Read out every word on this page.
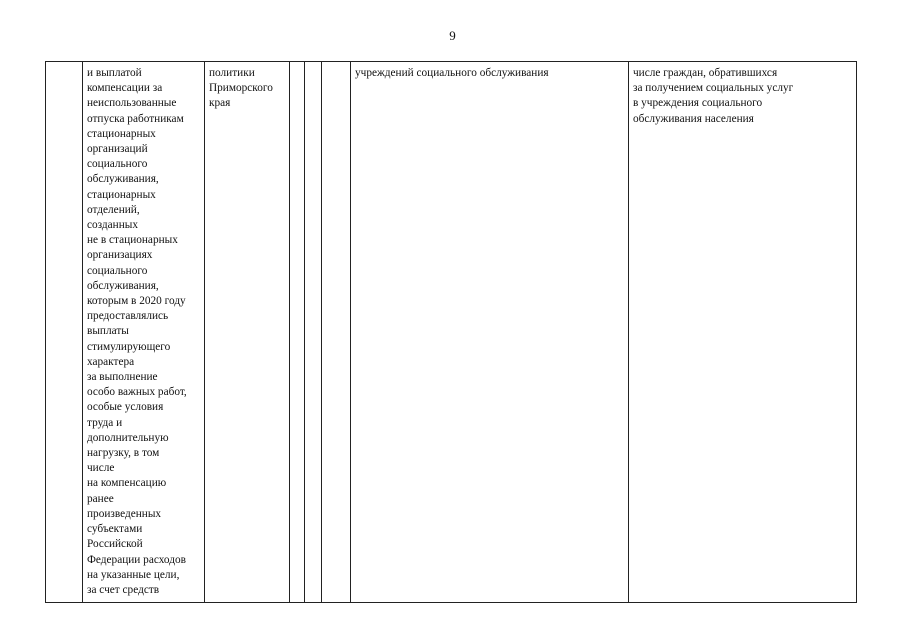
9
и выплатой
компенсации за
неиспользованные
отпуска работникам
стационарных
организаций
социального
обслуживания,
стационарных
отделений,
созданных
не в стационарных
организациях
социального
обслуживания,
которым в 2020 году
предоставлялись
выплаты
стимулирующего
характера
за выполнение
особо важных работ,
особые условия
труда и
дополнительную
нагрузку, в том
числе
на компенсацию
ранее
произведенных
субъектами
Российской
Федерации расходов
на указанные цели,
за счет средств
политики
Приморского
края
учреждений социального обслуживания	числе граждан, обратившихся
за получением социальных услуг
в учреждения социального
обслуживания населения
